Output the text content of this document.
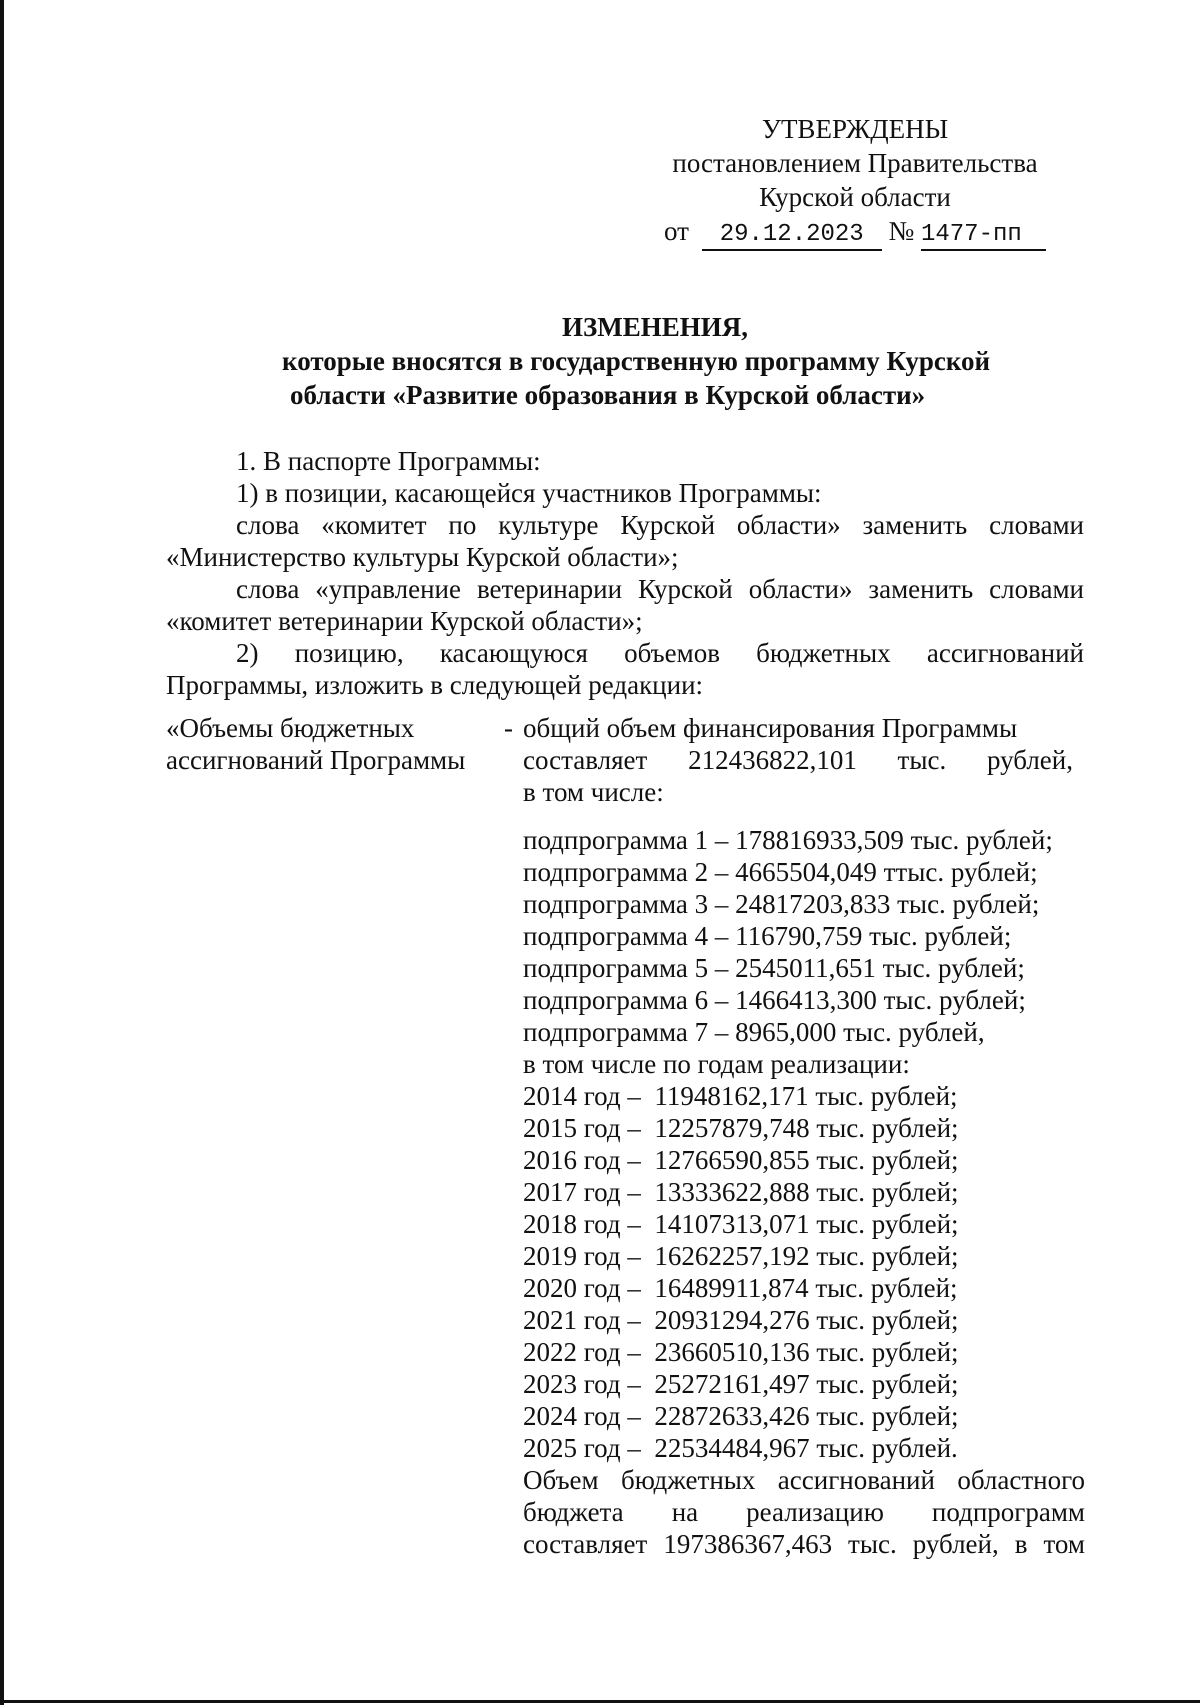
УТВЕРЖДЕНЫ
постановлением Правительства
Курской области
от 29.12.2023 № 1477-пп
ИЗМЕНЕНИЯ,
которые вносятся в государственную программу Курской
области «Развитие образования в Курской области»

1. В паспорте Программы:

1) в позиции, касающейся участников Программы:

слова «комитет по культуре Курской области» заменить словами «Министерство культуры Курской области»;

слова «управление ветеринарии Курской области» заменить словами «комитет ветеринарии Курской области»;

2) позицию, касающуюся объемов бюджетных ассигнований Программы, изложить в следующей редакции:

«Объемы бюджетных
ассигнований Программы
- общий объем финансирования Программы
составляет 212436822,101 тыс. рублей,
в том числе:
подпрограмма 1 – 178816933,509 тыс. рублей;
подпрограмма 2 – 4665504,049 ттыс. рублей;
подпрограмма 3 – 24817203,833 тыс. рублей;
подпрограмма 4 – 116790,759 тыс. рублей;
подпрограмма 5 – 2545011,651 тыс. рублей;
подпрограмма 6 – 1466413,300 тыс. рублей;
подпрограмма 7 – 8965,000 тыс. рублей,
в том числе по годам реализации:
2014 год –  11948162,171 тыс. рублей;
2015 год –  12257879,748 тыс. рублей;
2016 год –  12766590,855 тыс. рублей;
2017 год –  13333622,888 тыс. рублей;
2018 год –  14107313,071 тыс. рублей;
2019 год –  16262257,192 тыс. рублей;
2020 год –  16489911,874 тыс. рублей;
2021 год –  20931294,276 тыс. рублей;
2022 год –  23660510,136 тыс. рублей;
2023 год –  25272161,497 тыс. рублей;
2024 год –  22872633,426 тыс. рублей;
2025 год –  22534484,967 тыс. рублей.
Объем бюджетных ассигнований областного
бюджета на реализацию подпрограмм
составляет 197386367,463 тыс. рублей, в том
